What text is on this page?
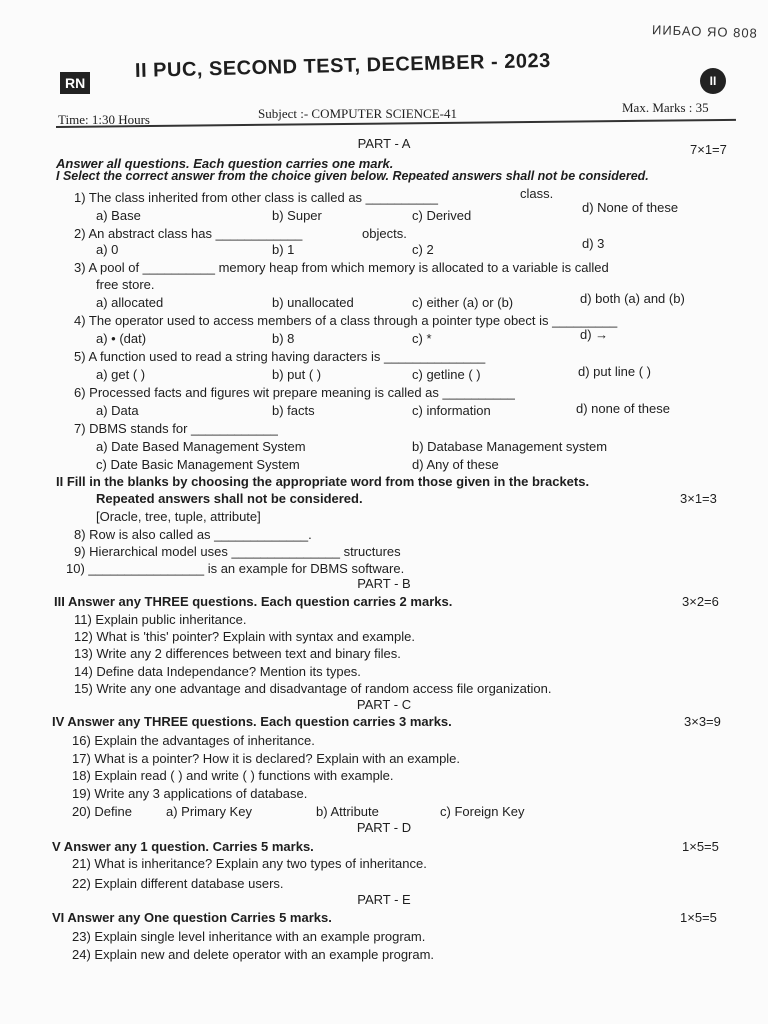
ИИБАО ЯО 808
RN
II PUC, SECOND TEST, DECEMBER - 2023	II
Time: 1:30 Hours	Subject :- COMPUTER SCIENCE-41	Max. Marks : 35
PART - A	7×1=7
Answer all questions. Each question carries one mark.
I Select the correct answer from the choice given below. Repeated answers shall not be considered.
1) The class inherited from other class is called as __________	class.
a) Base	b) Super	c) Derived
d) None of these
2) An abstract class has ____________	objects.
a) 0	b) 1	c) 2	d) 3
3) A pool of __________ memory heap from which memory is allocated to a variable is called
free store.
a) allocated	b) unallocated	c) either (a) or (b)	d) both (a) and (b)
4) The operator used to access members of a class through a pointer type obect is _________
a) • (dat)	b) 8	c) *	d) →
5) A function used to read a string having daracters is ______________
a) get ( )	b) put ( )	c) getline ( )	d) put line ( )
6) Processed facts and figures wit prepare meaning is called as __________
a) Data	b) facts	c) information	d) none of these
7) DBMS stands for ____________
a) Date Based Management System	b) Database Management system
c) Date Basic Management System	d) Any of these
II Fill in the blanks by choosing the appropriate word from those given in the brackets.
Repeated answers shall not be considered.	3×1=3
[Oracle, tree, tuple, attribute]
8) Row is also called as _____________.
9) Hierarchical model uses _______________ structures
10) ________________ is an example for DBMS software.
PART - B
III Answer any THREE questions. Each question carries 2 marks.	3×2=6
11) Explain public inheritance.
12) What is 'this' pointer? Explain with syntax and example.
13) Write any 2 differences between text and binary files.
14) Define data Independance? Mention its types.
15) Write any one advantage and disadvantage of random access file organization.
PART - C
IV Answer any THREE questions. Each question carries 3 marks.	3×3=9
16) Explain the advantages of inheritance.
17) What is a pointer? How it is declared? Explain with an example.
18) Explain read ( ) and write ( ) functions with example.
19) Write any 3 applications of database.
20) Define	a) Primary Key	b) Attribute	c) Foreign Key
PART - D
V Answer any 1 question. Carries 5 marks.	1×5=5
21) What is inheritance? Explain any two types of inheritance.
22) Explain different database users.
PART - E
VI Answer any One question Carries 5 marks.	1×5=5
23) Explain single level inheritance with an example program.
24) Explain new and delete operator with an example program.
